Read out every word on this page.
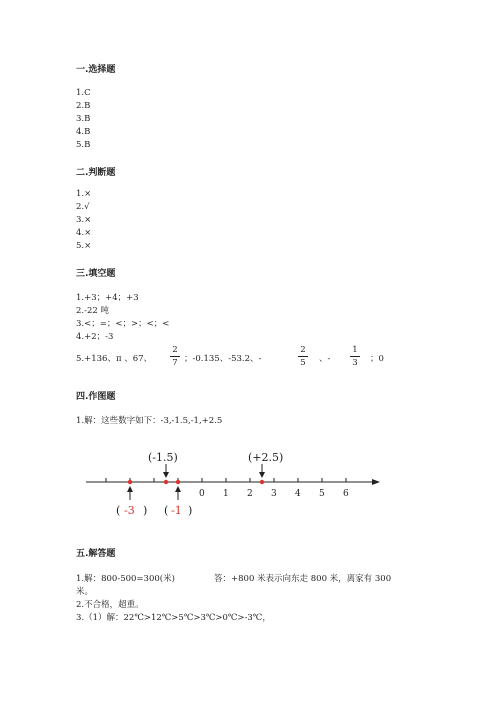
一.选择题
1.C
2.B
3.B
4.B
5.B
二.判断题
1.×
2.√
3.×
4.×
5.×
三.填空题
1.+3；+4；+3
2.-22 吨
3.<；=；<；>；<；<
4.+2；-3
5.+136、π 、67、
2
7 ；-0.135、-53.2、-
2
5 、-
1
3 ；0
四.作图题
1.解：这些数字如下：-3,-1.5,-1,+2.5
0 1 2 3 4 5 6
(-1.5)	(+2.5)
( -3 ) ( -1 )
五.解答题
1.解：800-500=300(米)	答：+800 米表示向东走 800 米，离家有 300
米。
2.不合格，超重。
3.（1）解：22℃>12℃>5℃>3℃>0℃>-3℃，
